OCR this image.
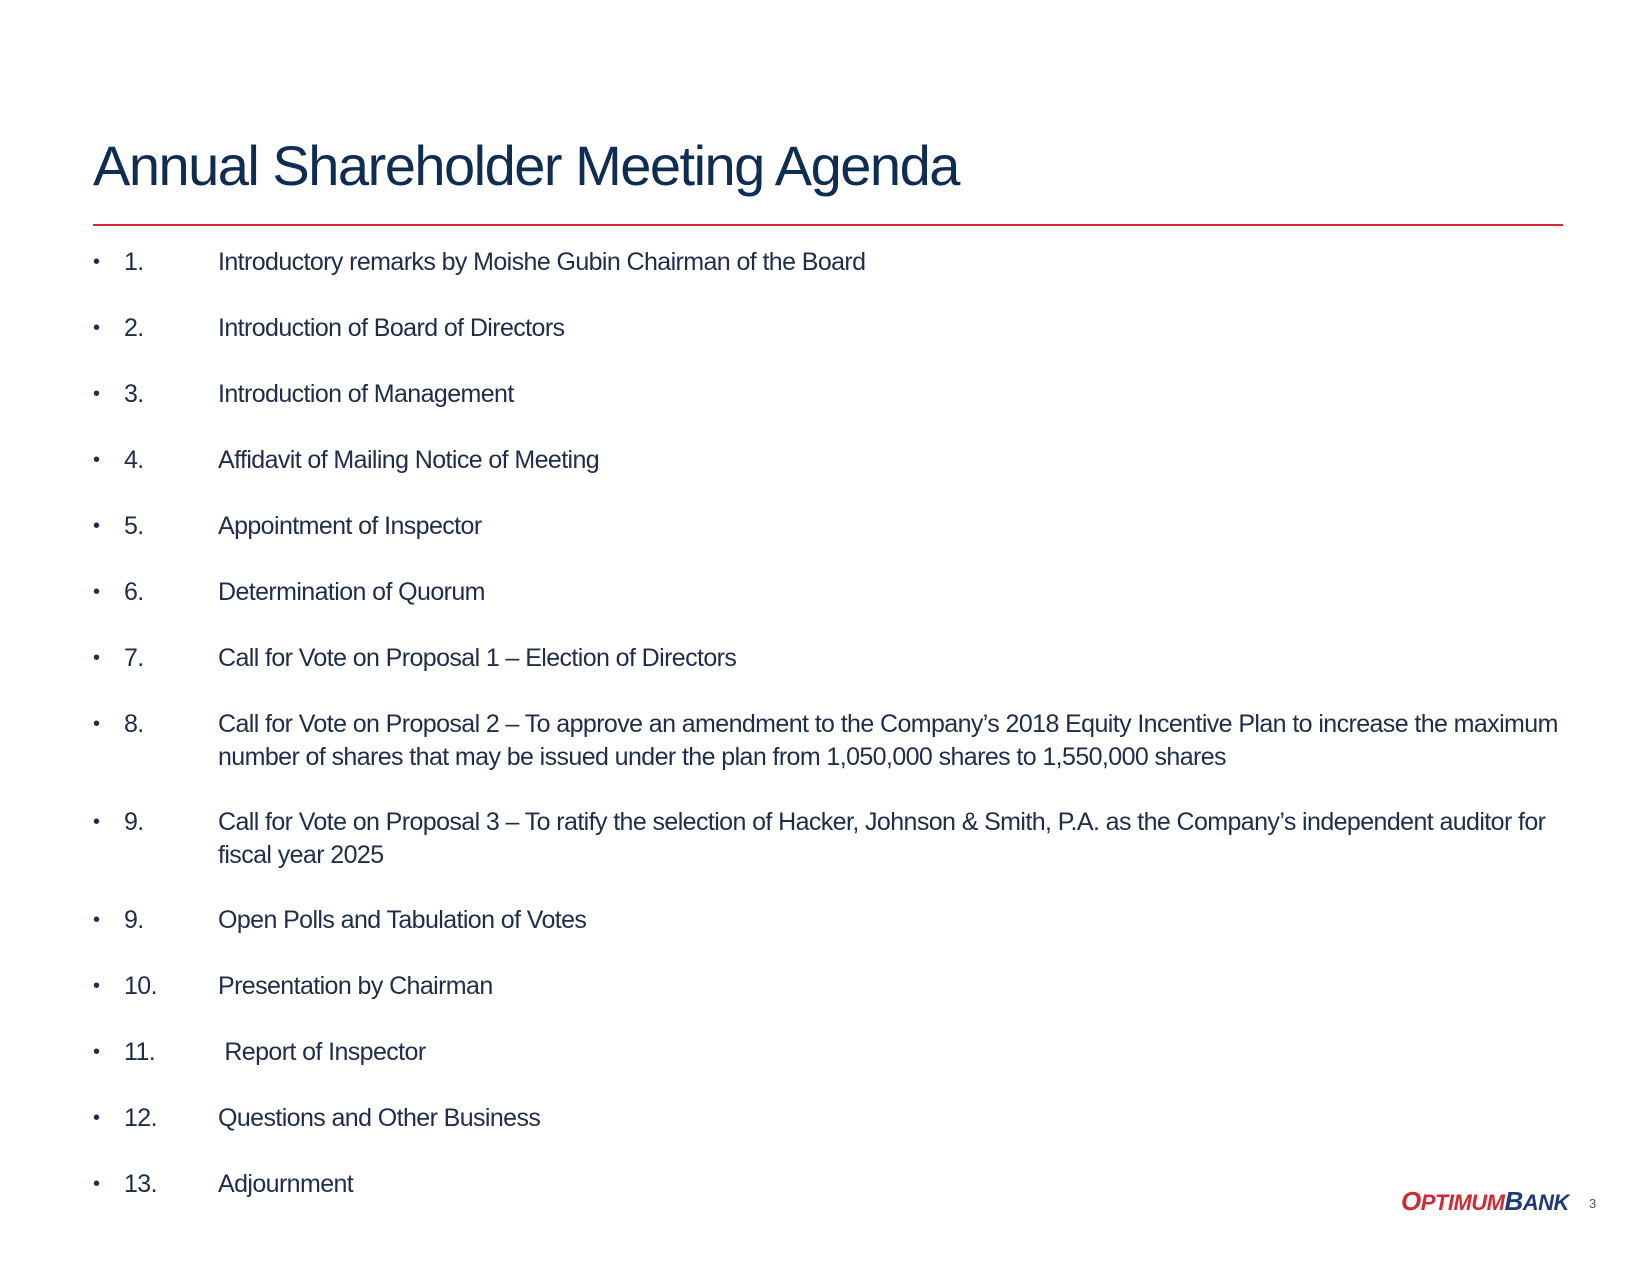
Annual Shareholder Meeting Agenda
• 1.	Introductory remarks by Moishe Gubin Chairman of the Board
• 2.	Introduction of Board of Directors
• 3.	Introduction of Management
• 4.	Affidavit of Mailing Notice of Meeting
• 5.	Appointment of Inspector
• 6.	Determination of Quorum
• 7.	Call for Vote on Proposal 1 – Election of Directors
• 8.	Call for Vote on Proposal 2 – To approve an amendment to the Company’s 2018 Equity Incentive Plan to increase the maximum number of shares that may be issued under the plan from 1,050,000 shares to 1,550,000 shares
• 9.	Call for Vote on Proposal 3 – To ratify the selection of Hacker, Johnson & Smith, P.A. as the Company’s independent auditor for fiscal year 2025
• 9.	Open Polls and Tabulation of Votes
• 10. Presentation by Chairman
• 11.	Report of Inspector
• 12. Questions and Other Business
• 13. Adjournment
OPTIMUMBANK 3
